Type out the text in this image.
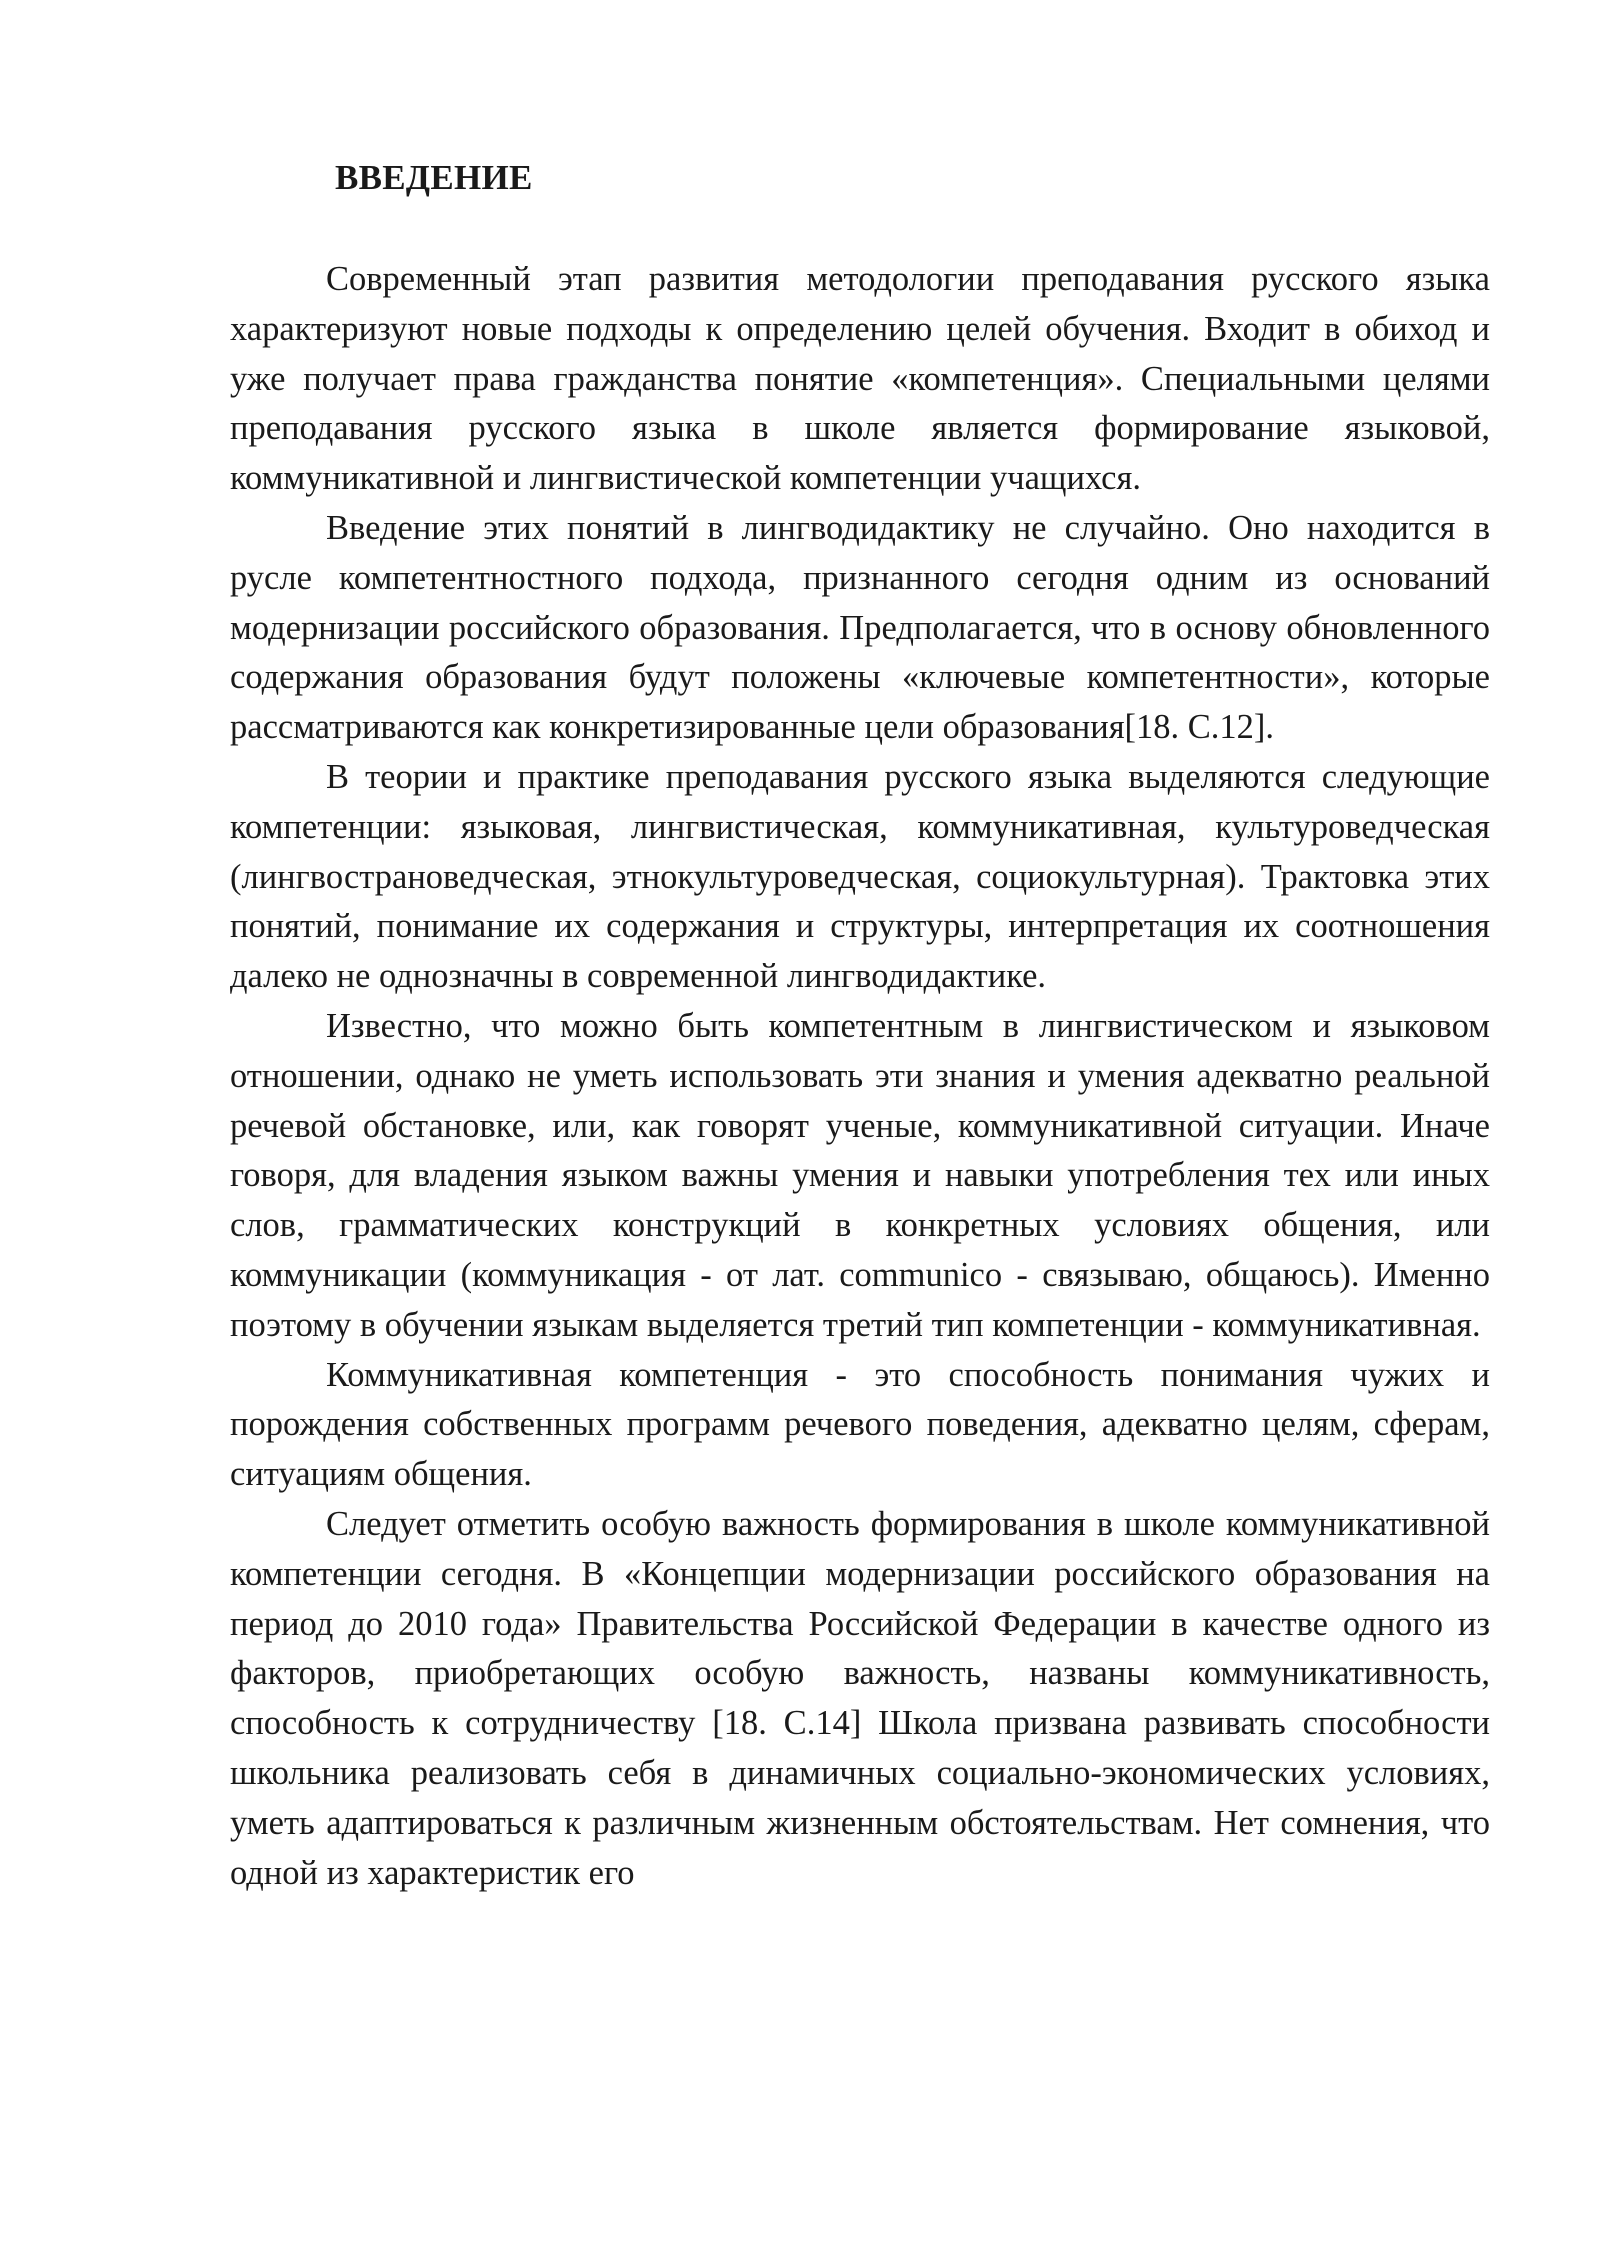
ВВЕДЕНИЕ

Современный этап развития методологии преподавания русского языка характеризуют новые подходы к определению целей обучения. Входит в обиход и уже получает права гражданства понятие «компетенция». Специальными целями преподавания русского языка в школе является формирование языковой, коммуникативной и лингвистической компетенции учащихся.

Введение этих понятий в лингводидактику не случайно. Оно находится в русле компетентностного подхода, признанного сегодня одним из оснований модернизации российского образования. Предполагается, что в основу обновленного содержания образования будут положены «ключевые компетентности», которые рассматриваются как конкретизированные цели образования[18. С.12].

В теории и практике преподавания русского языка выделяются следующие компетенции: языковая, лингвистическая, коммуникативная, культуроведческая (лингвострановедческая, этнокультуроведческая, социокультурная). Трактовка этих понятий, понимание их содержания и структуры, интерпретация их соотношения далеко не однозначны в современной лингводидактике.

Известно, что можно быть компетентным в лингвистическом и языковом отношении, однако не уметь использовать эти знания и умения адекватно реальной речевой обстановке, или, как говорят ученые, коммуникативной ситуации. Иначе говоря, для владения языком важны умения и навыки употребления тех или иных слов, грамматических конструкций в конкретных условиях общения, или коммуникации (коммуникация - от лат. communico - связываю, общаюсь). Именно поэтому в обучении языкам выделяется третий тип компетенции - коммуникативная.

Коммуникативная компетенция - это способность понимания чужих и порождения собственных программ речевого поведения, адекватно целям, сферам, ситуациям общения.

Следует отметить особую важность формирования в школе коммуникативной компетенции сегодня. В «Концепции модернизации российского образования на период до 2010 года» Правительства Российской Федерации в качестве одного из факторов, приобретающих особую важность, названы коммуникативность, способность к сотрудничеству [18. С.14] Школа призвана развивать способности школьника реализовать себя в динамичных социально-экономических условиях, уметь адаптироваться к различным жизненным обстоятельствам. Нет сомнения, что одной из характеристик его
